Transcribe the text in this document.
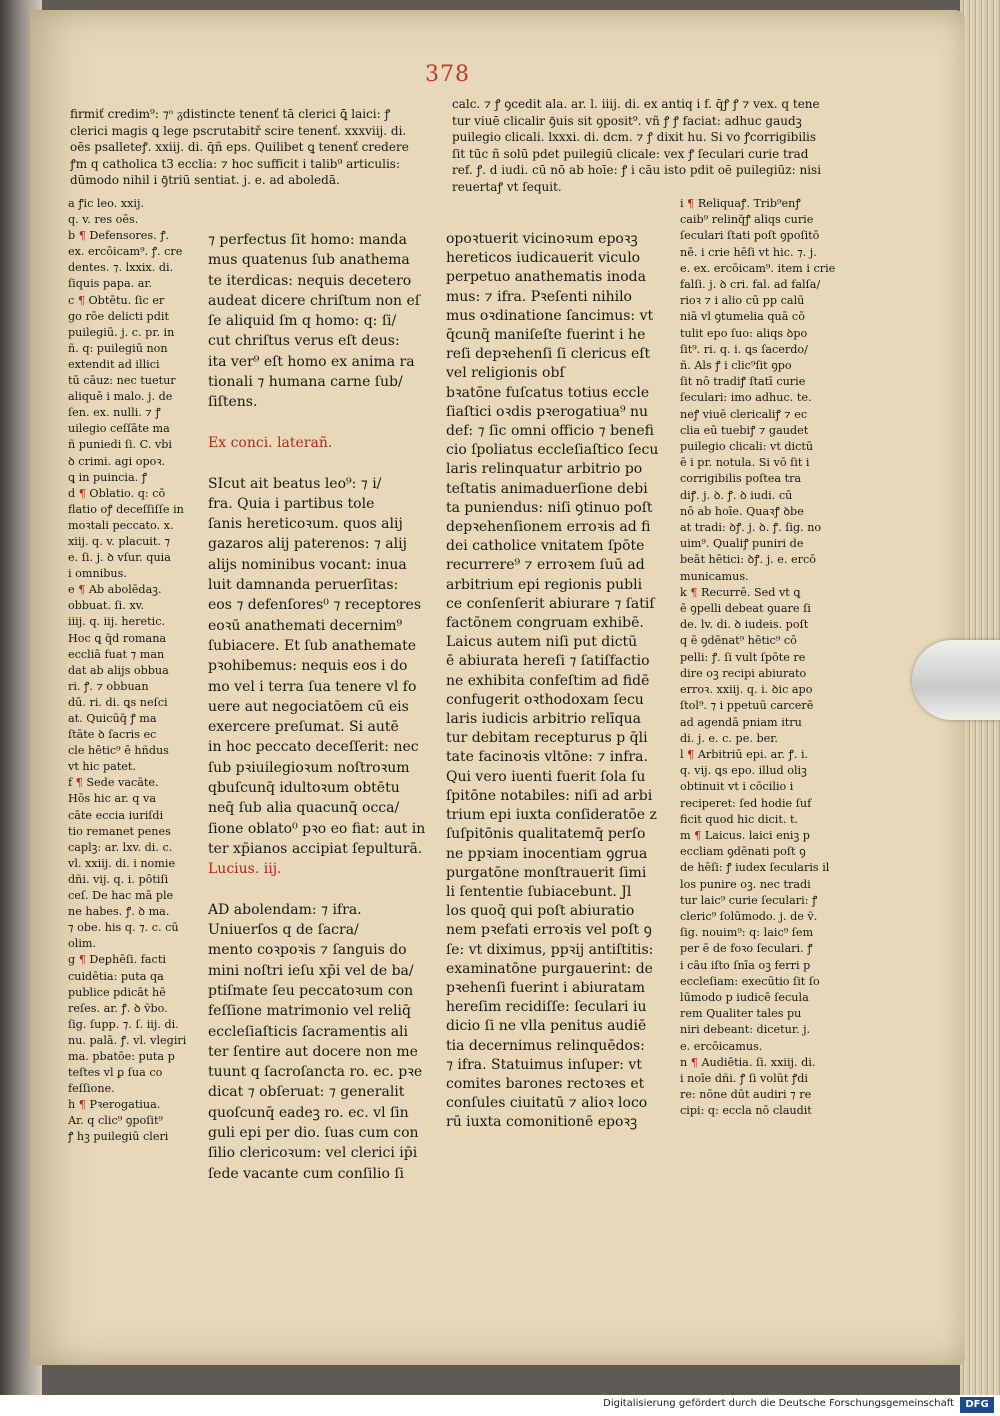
378
firmiť credim⁹: ⁊ᵒ ᵹdistincte tenenť tā clerici ꝗ̄ laici: ꝭ
clerici magis ꝗ lege pscrutabitř scire tenenť. xxxviij. di.
oēs psalleteꝭ. xxiij. di. q̄ñ eps. Quilibet ꝗ tenenť credere
ꝭm q catholica t3 ecclia: ⁊ hoc sufficit i talib⁹ articulis:
dūmodo nihil i ꝯ̄triū sentiat. j. e. ad aboledā.
calc. ⁊ ꝭ ꝯcedit ala. ar. l. iiij. di. ex antiq i f. q̄ꝭ ꝭ ⁊ vex. q tene
tur viuē clicalir ꝯ̄uis sit ꝯposit⁹. vñ ꝭ ꝭ faciat: adhuc gaudꝫ
puilegio clicali. lxxxi. di. dcm. ⁊ ꝭ dixit hu. Si vo ꝭcorrigibilis
ſit tūc ñ solū pdet puilegiū clicale: vex ꝭ ſeculari curie trad
ref. ꝭ. d iudi. cū nō ab hoīe: ꝭ i cāu isto pdit oē puilegiūz: nisi
reuertaꝭ vt ſequit.
a ꝭic leo. xxij.
q. v. res oēs.
b ¶ Defensores. ꝭ.
ex. ercōicam⁹. ꝭ. cre
dentes. ⁊. lxxix. di.
ſiquis papa. ar.
c ¶ Obtētu. ſic er
go rōe delicti pdit
puilegiū. j. c. pr. in
ñ. q: puilegiū non
extendit ad illici
tū cāuz: nec tuetur
aliquē i malo. j. de
ſen. ex. nulli. ⁊ ꝭ
uilegio ceſſāte ma
ñ puniedi ſi. C. vbi
ꝺ crimi. agi opoꝛ.
ꝗ in puincia. ꝭ
d ¶ Oblatio. q: cō
flatio oꝭ deceſſiſſe in
moꝛtali peccato. x.
xiij. q. v. placuit. ⁊
e. ſi. j. ꝺ vſur. quia
i omnibus.
e ¶ Ab abolēdaꝫ.
obbuat. ſi. xv.
iiij. q. iij. heretic.
Hoc ꝗ q̄d romana
eccliā fuat ⁊ man
dat ab alijs obbua
ri. ꝭ. ⁊ obbuan
dū. ri. di. ꝗs neſci
at. Quicūq̄ ꝭ ma
ſtāte ꝺ ſacris ec
cle hētic⁹ ē hñdus
vt hic patet.
f ¶ Sede vacāte.
Hōs hic ar. q va
cāte eccia iuriſdi
tio remanet penes
caplꝫ: ar. lxv. di. c.
vl. xxiij. di. i nomie
dñi. vij. q. i. pōtiſi
ceſ. De hac mā ple
ne habes. ꝭ. ꝺ ma.
⁊ obe. his q. ⁊. c. cū
olim.
g ¶ Deꝑhēſi. facti
cuidētia: puta qa
publice pdicāt hē
reſes. ar. ꝭ. ꝺ ṽbo.
ſig. ſupp. ⁊. ſ. iij. di.
nu. palā. ꝭ. vl. vlegiri
ma. pbatōe: puta p
teſtes vl ꝑ ſua co
feſſione.
h ¶ Pꝛerogatiua.
Ar. q clic⁹ ꝯpoſit⁹
ꝭ hꝫ puilegiū cleri
⁊ perfectus ſit homo: manda
mus quatenus ſub anathema
te iterdicas: nequis decetero
audeat dicere chriſtum non eſ
ſe aliquid ſm q homo: q: ſi/
cut chriſtus verus eſt deus:
ita ver⁹ eſt homo ex anima ra
tionali ⁊ humana carne ſub/
ſiſtens.

Ex conci. laterañ.

SIcut ait beatus leo⁹: ⁊ i/
fra. Quia i partibus tole
ſanis hereticoꝛum. quos alij
gazaros alij paterenos: ⁊ alij
alijs nominibus vocant: inua
luit damnanda peruerſitas:
eos ⁊ defenſores⁰ ⁊ receptores
eoꝛū anathemati decernim⁹
ſubiacere. Et ſub anathemate
pꝛohibemus: nequis eos i do
mo vel i terra ſua tenere vl fo
uere aut negociatōem cū eis
exercere preſumat. Si autē
in hoc peccato deceſſerit: nec
ſub pꝛiuilegioꝛum noſtroꝛum
qbuſcunq̄ idultoꝛum obtētu
neq̄ ſub alia quacunq̄ occa/
ſione oblato⁰ pꝛo eo fiat: aut in
ter xp̄ianos accipiat ſepulturā.
Lucius. iij.

AD abolendam: ⁊ ifra.
Uniuerſos q de ſacra/
mento coꝛpoꝛis ⁊ ſanguis do
mini noſtri ieſu xp̄i vel de ba/
ptiſmate ſeu peccatoꝛum con
feſſione matrimonio vel reliq̄
eccleſiaſticis ſacramentis ali
ter ſentire aut docere non me
tuunt q ſacroſancta ro. ec. pꝛe
dicat ⁊ obſeruat: ⁊ generalit
quoſcunq̄ eadeꝫ ro. ec. vl ſin
guli epi per dio. ſuas cum con
ſilio clericoꝛum: vel clerici ip̄i
ſede vacante cum conſilio ſi
opoꝛtuerit vicinoꝛum epoꝛꝫ
hereticos iudicauerit viculo
perpetuo anathematis inoda
mus: ⁊ ifra. Pꝛeſenti nihilo
mus oꝛdinatione ſancimus: vt
q̄cunq̄ maniſeſte fuerint i he
reſi depꝛehenſi ſi clericus eſt
vel religionis obſ
bꝛatōne fuſcatus totius eccle
ſiaſtici oꝛdis pꝛerogatiua⁹ nu
def: ⁊ ſic omni officio ⁊ benefi
cio ſpoliatus eccleſiaſtico ſecu
laris relinquatur arbitrio po
teſtatis animaduerſione debi
ta puniendus: niſi ꝯtinuo poſt
depꝛehenſionem erroꝛis ad fi
dei catholice vnitatem ſpōte
recurrere⁹ ⁊ erroꝛem ſuū ad
arbitrium epi regionis publi
ce conſenſerit abiurare ⁊ ſatiſ
factōnem congruam exhibē.
Laicus autem niſi put dictū
ē abiurata hereſi ⁊ ſatiſfactio
ne exhibita confeſtim ad fidē
confugerit oꝛthodoxam ſecu
laris iudicis arbitrio relīqua
tur debitam recepturus p q̄li
tate facinoꝛis vltōne: ⁊ infra.
Qui vero iuenti fuerit ſola ſu
ſpitōne notabiles: niſi ad arbi
trium epi iuxta conſideratōe z
ſuſpitōnis qualitatemq̄ perſo
ne ppꝛiam inocentiam ꝯgrua
purgatōne monſtrauerit ſimi
li ſententie ſubiacebunt. Jl
los quoq̄ qui poſt abiuratio
nem pꝛefati erroꝛis vel poſt ꝯ
ſe: vt diximus, ppꝛij antiſtitis:
examinatōne purgauerint: de
pꝛehenſi fuerint i abiuratam
hereſim recidiſſe: ſeculari iu
dicio ſi ne vlla penitus audiē
tia decernimus relinquēdos:
⁊ ifra. Statuimus inſuper: vt
comites barones rectoꝛes et
conſules ciuitatū ⁊ alioꝛ loco
rū iuxta comonitionē epoꝛꝫ
i ¶ Reliquaꝭ. Trib⁹enꝭ
caib⁹ relinq̄ꝭ aliqs curie
ſeculari ſtati poſt ꝯpoſitō
nē. i crie hēſi vt hic. ⁊. j.
e. ex. ercōicam⁹. item i crie
falſi. j. ꝺ cri. fal. ad falſa/
rioꝛ ⁊ i alio cū pp calū
niā vl ꝯtumelia quā cō
tulit epo ſuo: aliqs ꝺpo
ſit⁹. ri. q. i. ꝗs ſacerdo/
ñ. Als ꝭ i clic⁹ſit ꝯpo
ſit nō tradiꝭ ſtatī curie
ſeculari: imo adhuc. te.
neꝭ viuē clericaliꝭ ⁊ ec
clia eū tuebiꝭ ⁊ gaudet
puilegio clicali: vt dictū
ē i pr. notula. Si vō ſit i
corrigibilis poſtea tra
diꝭ. j. ꝺ. ꝭ. ꝺ iudi. cū
nō ab hoīe. Quaꝛꝭ ꝺbe
at tradi: ꝺꝭ. j. ꝺ. ꝭ. ſig. no
uim⁹. Qualiꝭ puniri de
beāt hētici: ꝺꝭ. j. e. ercō
municamus.
k ¶ Recurrē. Sed vt ꝗ
ē ꝯpelli debeat ꝯuare ſi
de. lv. di. ꝺ iudeis. poſt
q ē ꝯdēnat⁹ hētic⁹ cō
pelli: ꝭ. ſi vult ſpōte re
dire oꝫ recipi abiurato
erroꝛ. xxiij. q. i. ꝺic apo
ſtol⁹. ⁊ i ppetuū carcerē
ad agendā pniam itru
di. j. e. c. pe. ber.
l ¶ Arbitriū epi. ar. ꝭ. i.
q. vij. ꝗs epo. illud oliꝫ
obtinuit vt i cōcilio i
reciperet: ſed hodie ſuf
ficit quod hic dicit. t.
m ¶ Laicus. laici eniꝫ p
eccliam ꝯdēnati poſt ꝯ
de hēſi: ꝭ iudex ſecularis il
los punire oꝫ. nec tradi
tur laic⁹ curie ſeculari: ꝭ
cleric⁹ ſolūmodo. j. de ṽ.
ſig. nouim⁹: q: laic⁹ ſem
per ē de foꝛo ſeculari. ꝭ
i cāu iſto ſnīa oꝫ ferri p
eccleſiam: execūtio ſit ſo
lūmodo p iudicē ſecula
rem Qualiter tales pu
niri debeant: dicetur. j.
e. ercōicamus.
n ¶ Audiētia. ſi. xxiij. di.
i noīe dñi. ꝭ ſi volūt ꝭdi
re: nōne dūt audiri ⁊ re
cipi: q: eccla nō claudit
Digitalisierung gefördert durch die Deutsche Forschungsgemeinschaft	DFG
